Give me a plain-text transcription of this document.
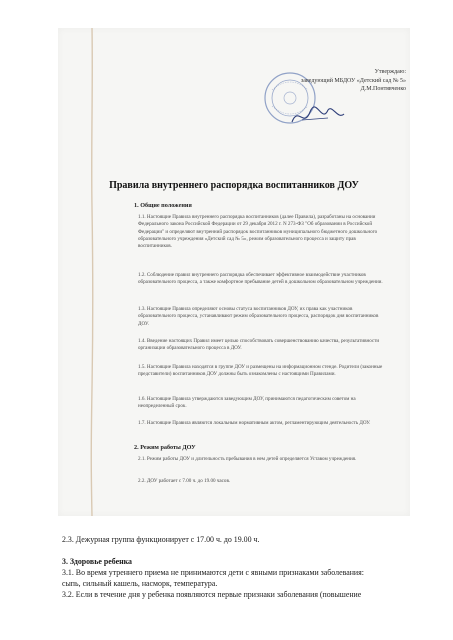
Утверждаю:
заведующий МБДОУ «Детский сад № 5»
Д.М.Понтявченко
Правила внутреннего распорядка воспитанников ДОУ
1. Общие положения
1.1. Настоящие Правила внутреннего распорядка воспитанников (далее Правила), разработаны на основании Федерального закона Российской Федерации от 29 декабря 2012 г. N 273-ФЗ "Об образовании в Российской Федерации" и определяют внутренний распорядок воспитанников муниципального бюджетного дошкольного образовательного учреждения «Детский сад № 5», режим образовательного процесса и защиту прав воспитанников.
1.2. Соблюдение правил внутреннего распорядка обеспечивает эффективное взаимодействие участников образовательного процесса, а также комфортное пребывание детей в дошкольном образовательном учреждении.
1.3. Настоящие Правила определяют основы статуса воспитанников ДОУ, их права как участников образовательного процесса, устанавливают режим образовательного процесса, распорядок дня воспитанников ДОУ.
1.4. Введение настоящих Правил имеет целью способствовать совершенствованию качества, результативности организации образовательного процесса в ДОУ.
1.5. Настоящие Правила находятся в группе ДОУ и размещены на информационном стенде. Родители (законные представители) воспитанников ДОУ должны быть ознакомлены с настоящими Правилами.
1.6. Настоящие Правила утверждаются заведующим ДОУ, принимаются педагогическим советом на неопределенный срок.
1.7. Настоящие Правила являются локальным нормативным актом, регламентирующим деятельность ДОУ.
2. Режим работы ДОУ
2.1. Режим работы ДОУ и длительность пребывания в нем детей определяется Уставом учреждения.
2.2. ДОУ работает с 7.00 ч. до 19.00 часов.
2.3. Дежурная группа функционирует с 17.00 ч. до 19.00 ч.
3. Здоровье ребенка
3.1. Во время утреннего приема не принимаются дети с явными признаками заболевания:
сыпь, сильный кашель, насморк, температура.
3.2. Если в течение дня у ребенка появляются первые признаки заболевания (повышение
